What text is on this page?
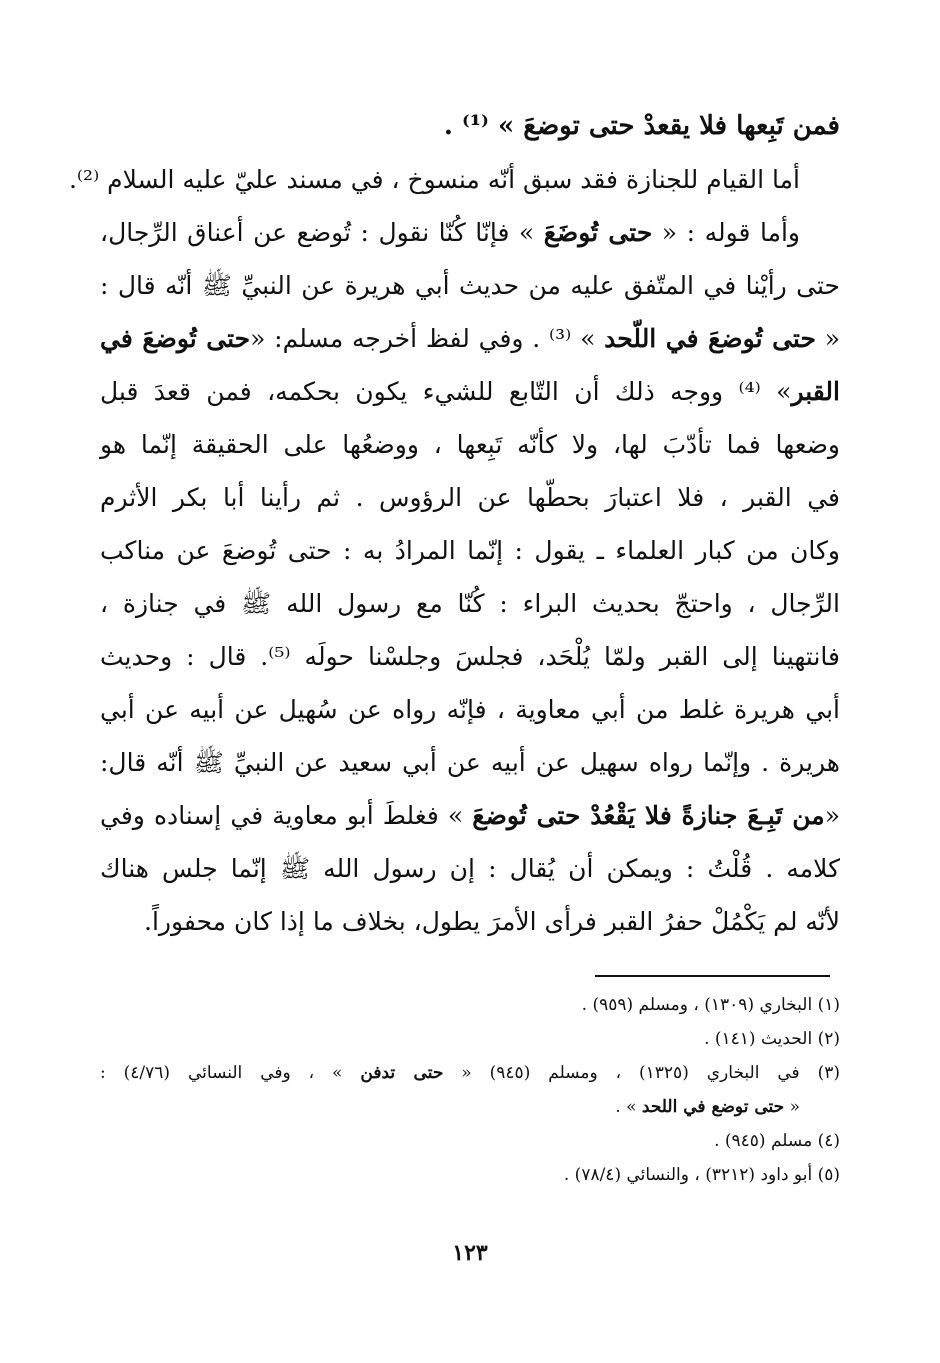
فمن تَبِعها فلا يقعدْ حتى توضعَ » ⁽¹⁾ .
أما القيام للجنازة فقد سبق أنّه منسوخ ، في مسند عليّ عليه السلام ⁽²⁾.
وأما قوله : « حتى تُوضَعَ » فإنّا كُنّا نقول : تُوضع عن أعناق الرِّجال،
حتى رأيْنا في المتّفق عليه من حديث أبي هريرة عن النبيِّ ﷺ أنّه قال :
« حتى تُوضعَ في اللّحد » ⁽³⁾ . وفي لفظ أخرجه مسلم: «حتى تُوضعَ في
القبر» ⁽⁴⁾ ووجه ذلك أن التّابع للشيء يكون بحكمه، فمن قعدَ قبل
وضعها فما تأدّبَ لها، ولا كأنّه تَبِعها ، ووضعُها على الحقيقة إنّما هو
في القبر ، فلا اعتبارَ بحطّها عن الرؤوس . ثم رأينا أبا بكر الأثرم
وكان من كبار العلماء ـ يقول : إنّما المرادُ به : حتى تُوضعَ عن مناكب
الرِّجال ، واحتجّ بحديث البراء : كُنّا مع رسول الله ﷺ في جنازة ،
فانتهينا إلى القبر ولمّا يُلْحَد، فجلسَ وجلسْنا حولَه ⁽⁵⁾. قال : وحديث
أبي هريرة غلط من أبي معاوية ، فإنّه رواه عن سُهيل عن أبيه عن أبي
هريرة . وإنّما رواه سهيل عن أبيه عن أبي سعيد عن النبيِّ ﷺ أنّه قال:
«من تَبِـعَ جنازةً فلا يَقْعُدْ حتى تُوضعَ » فغلطَ أبو معاوية في إسناده وفي
كلامه . قُلْتُ : ويمكن أن يُقال : إن رسول الله ﷺ إنّما جلس هناك
لأنّه لم يَكْمُلْ حفرُ القبر فرأى الأمرَ يطول، بخلاف ما إذا كان محفوراً.
(١) البخاري (١٣٠٩) ، ومسلم (٩٥٩) .
(٢) الحديث (١٤١) .
(٣) في البخاري (١٣٢٥) ، ومسلم (٩٤٥) « حتى تدفن » ، وفي النسائي (٤/٧٦) :
« حتى توضع في اللحد » .
(٤) مسلم (٩٤٥) .
(٥) أبو داود (٣٢١٢) ، والنسائي (٧٨/٤) .
١٢٣
